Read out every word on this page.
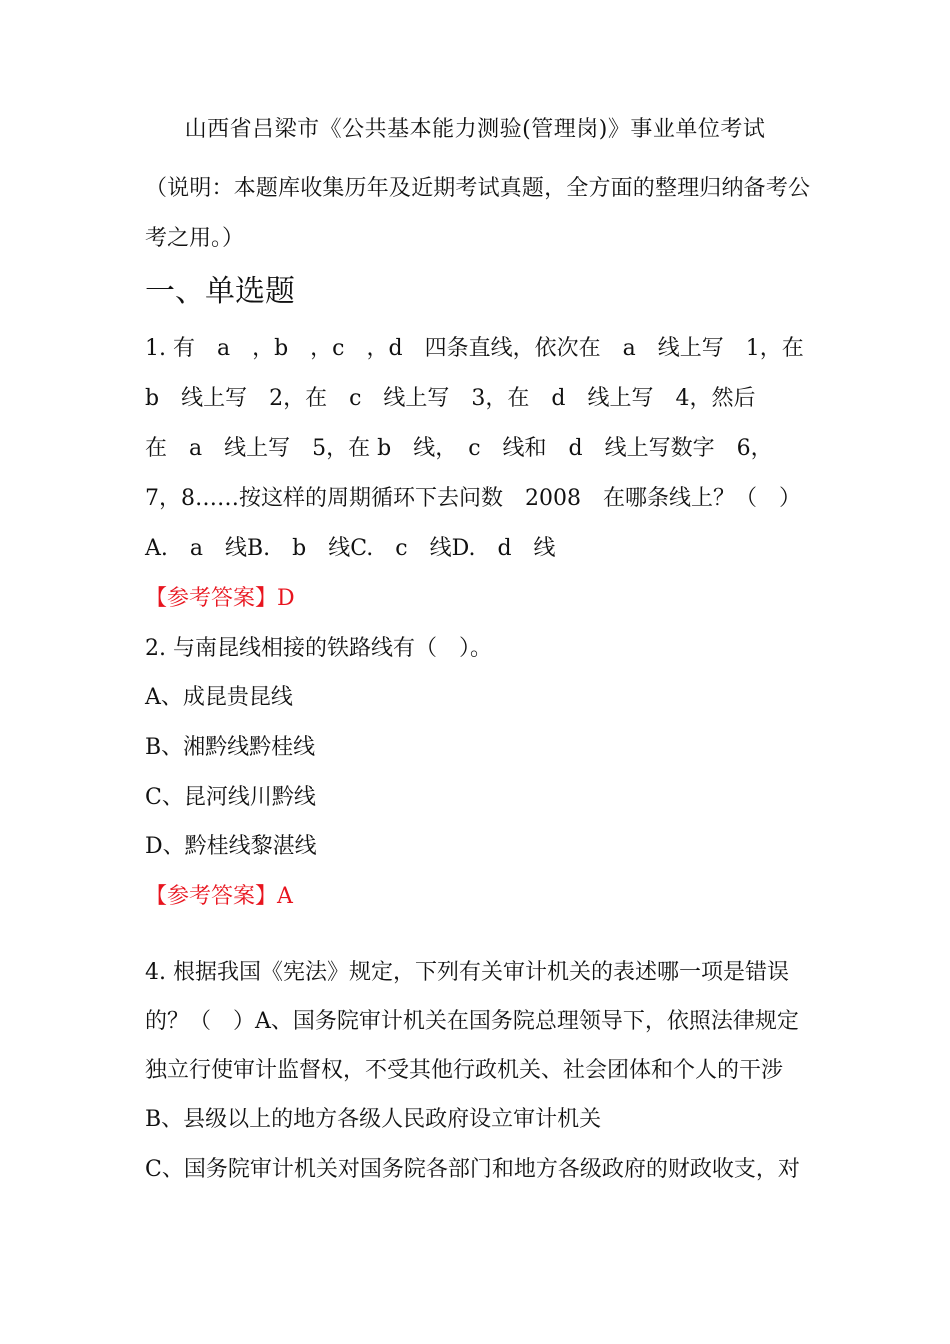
山西省吕梁市《公共基本能力测验(管理岗)》事业单位考试
（说明：本题库收集历年及近期考试真题，全方面的整理归纳备考公考之用。）
一、单选题
1. 有　a　，b　，c　，d　四条直线，依次在　a　线上写　1，在
b　线上写　2，在　c　线上写　3，在　d　线上写　4，然后
在　a　线上写　5，在 b　线，　c　线和　d　线上写数字　6，
7，8……按这样的周期循环下去问数　2008　在哪条线上？（　）
A.　a　线B.　b　线C.　c　线D.　d　线
【参考答案】D
2. 与南昆线相接的铁路线有（　）。
A、成昆贵昆线
B、湘黔线黔桂线
C、昆河线川黔线
D、黔桂线黎湛线
【参考答案】A
4. 根据我国《宪法》规定，下列有关审计机关的表述哪一项是错误
的？（　）A、国务院审计机关在国务院总理领导下，依照法律规定
独立行使审计监督权，不受其他行政机关、社会团体和个人的干涉
B、县级以上的地方各级人民政府设立审计机关
C、国务院审计机关对国务院各部门和地方各级政府的财政收支，对
